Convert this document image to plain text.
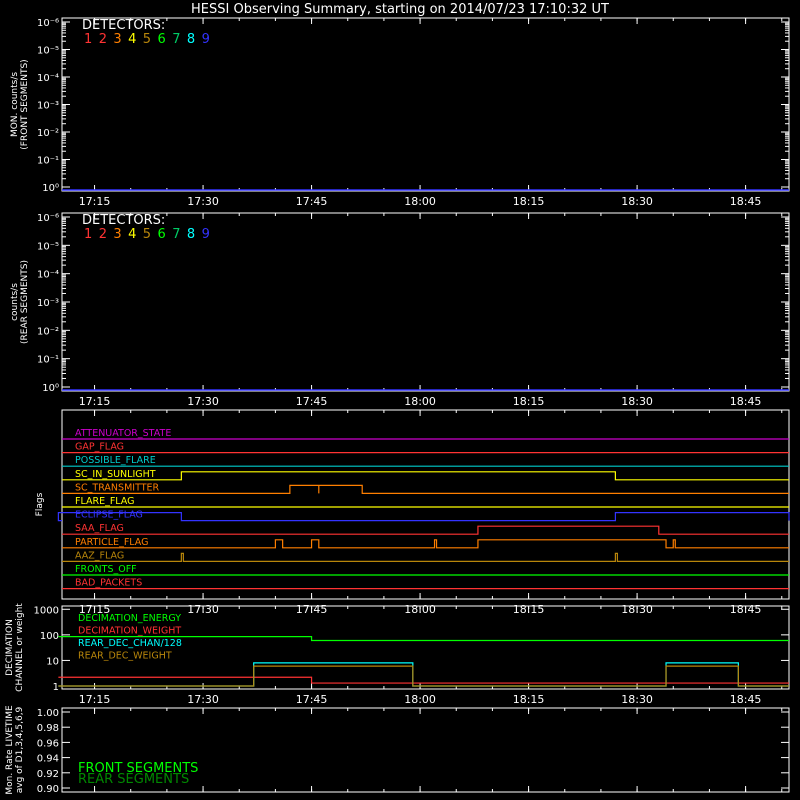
HESSI Observing Summary, starting on 2014/07/23 17:10:32 UT
17:15	17:30	17:45	18:00	18:15	18:30	18:45
10⁰
10⁻¹
10⁻²
10⁻³
10⁻⁴
10⁻⁵
10⁻⁶
MON. counts/s (FRONT SEGMENTS)
DETECTORS:
1 2 3 4 5 6 7 8 9
17:15	17:30	17:45	18:00	18:15	18:30	18:45
10⁰
10⁻¹
10⁻²
10⁻³
10⁻⁴
10⁻⁵
10⁻⁶
counts/s (REAR SEGMENTS)
DETECTORS:
1 2 3 4 5 6 7 8 9
17:15	17:30	17:45	18:00	18:15	18:30	18:45
Flags
ATTENUATOR_STATE
GAP_FLAG
POSSIBLE_FLARE
SC_IN_SUNLIGHT
SC_TRANSMITTER
FLARE_FLAG
ECLIPSE_FLAG
SAA_FLAG
PARTICLE_FLAG
AAZ_FLAG
FRONTS_OFF
BAD_PACKETS
17:15	17:30	17:45	18:00	18:15	18:30	18:45
DECIMATION CHANNEL or weight	1
10
100
1000
DECIMATION_ENERGY
DECIMATION_WEIGHT
REAR_DEC_CHAN/128
REAR_DEC_WEIGHT
Mon. Rate LIVETIME avg of D1,3,4,5,6,9 0.90
0.92
0.94
0.96
0.98
1.00
FRONT SEGMENTS
REAR SEGMENTS
